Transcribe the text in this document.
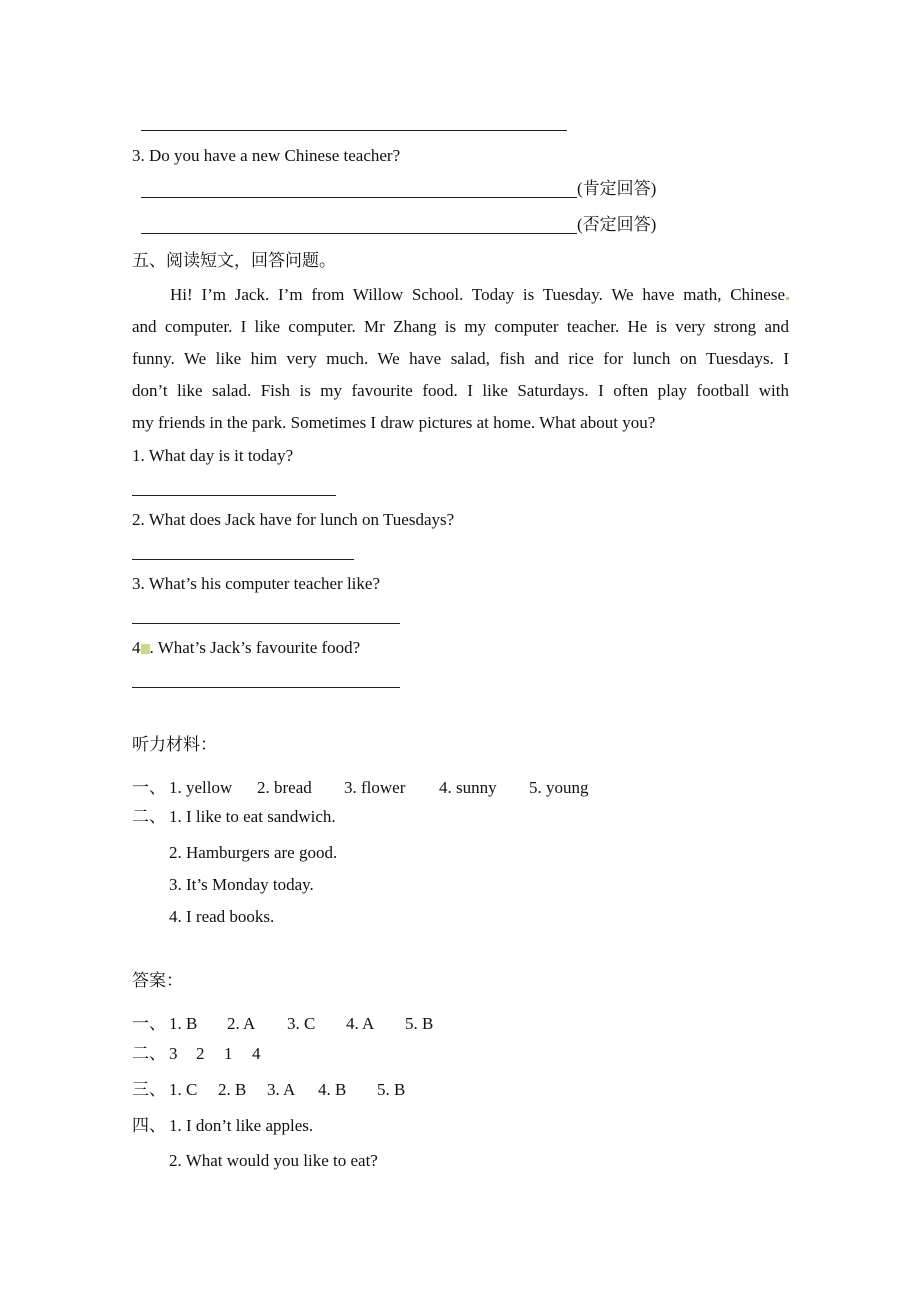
3. Do you have a new Chinese teacher?
(肯定回答)
(否定回答)
五、阅读短文，回答问题。
Hi! I’m Jack. I’m from Willow School. Today is Tuesday. We have math, Chinese
and computer. I like computer. Mr Zhang is my computer teacher. He is very strong and
funny. We like him very much. We have salad, fish and rice for lunch on Tuesdays. I
don’t like salad. Fish is my favourite food. I like Saturdays. I often play football with
my friends in the park. Sometimes I draw pictures at home. What about you?
1. What day is it today?
2. What does Jack have for lunch on Tuesdays?
3. What’s his computer teacher like?
4 . What’s Jack’s favourite food?
听力材料：
一、 1. yellow 2. bread 3. flower 4. sunny 5. young
二、 1. I like to eat sandwich.
2. Hamburgers are good.
3. It’s Monday today.
4. I read books.
答案：
一、 1. B 2. A 3. C 4. A 5. B
二、 3 2 1 4
三、 1. C 2. B 3. A 4. B 5. B
四、 1. I don’t like apples.
2. What would you like to eat?
